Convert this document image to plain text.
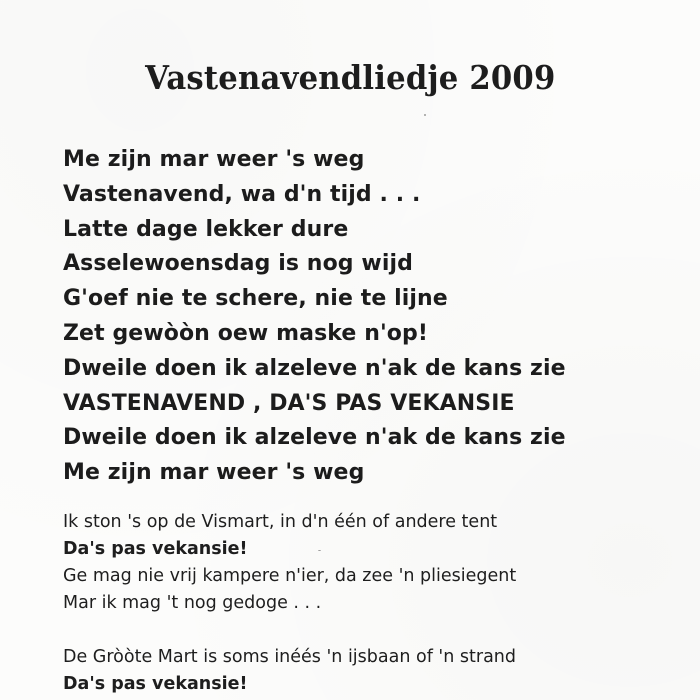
Vastenavendliedje 2009
Me zijn mar weer 's weg
Vastenavend, wa d'n tijd . . .
Latte dage lekker dure
Asselewoensdag is nog wijd
G'oef nie te schere, nie te lijne
Zet gewòòn oew maske n'op!
Dweile doen ik alzeleve n'ak de kans zie
VASTENAVEND , DA'S PAS VEKANSIE
Dweile doen ik alzeleve n'ak de kans zie
Me zijn mar weer 's weg
Ik ston 's op de Vismart, in d'n één of andere tent
Da's pas vekansie!
Ge mag nie vrij kampere n'ier, da zee 'n pliesiegent
Mar ik mag 't nog gedoge . . .
De Gròòte Mart is soms inéés 'n ijsbaan of 'n strand
Da's pas vekansie!
